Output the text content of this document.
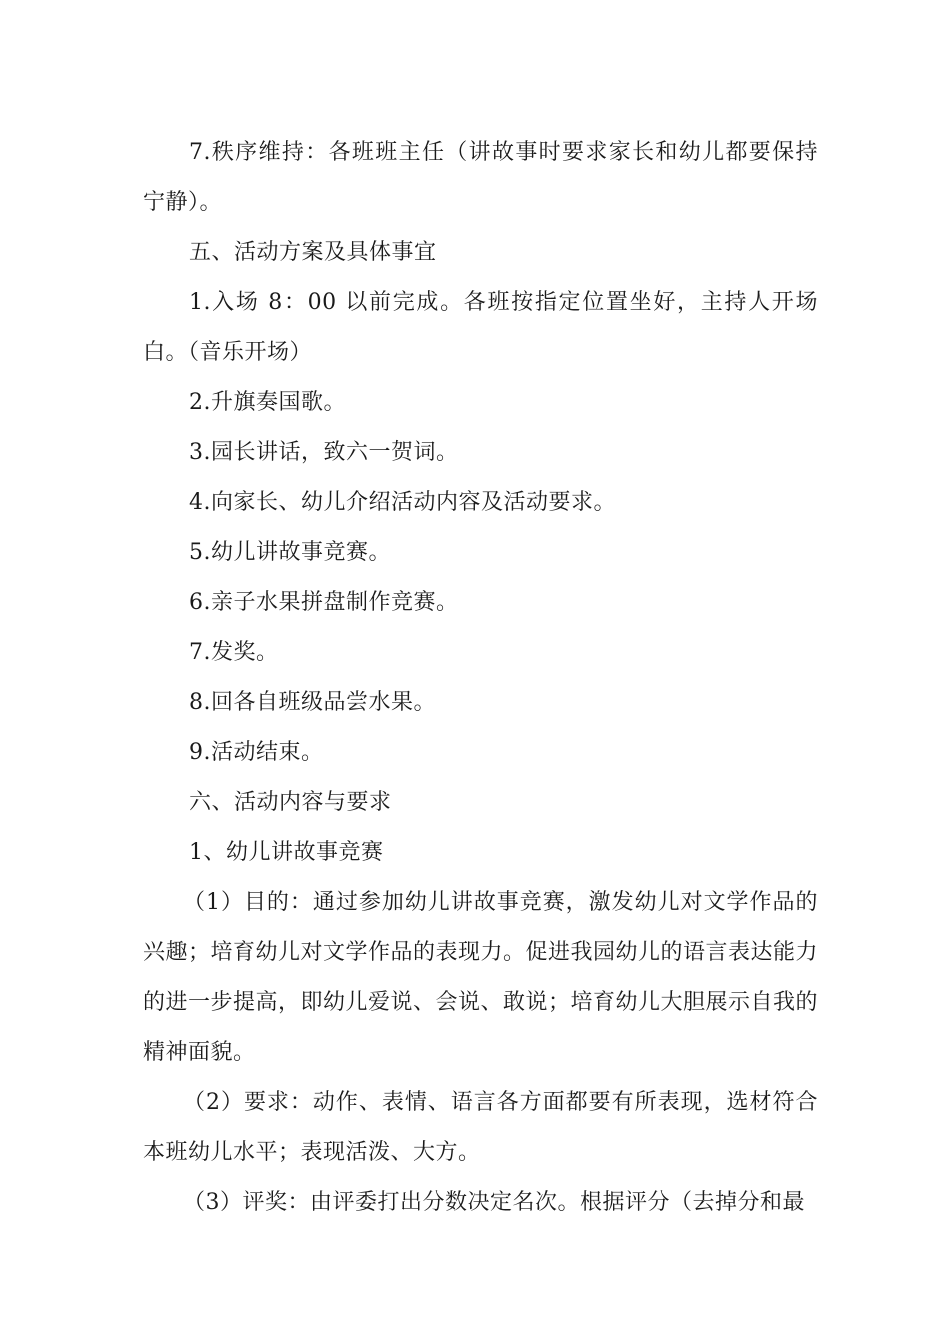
7.秩序维持：各班班主任（讲故事时要求家长和幼儿都要保持宁静）。

五、活动方案及具体事宜

1.入场 8：00 以前完成。各班按指定位置坐好，主持人开场白。（音乐开场）

2.升旗奏国歌。

3.园长讲话，致六一贺词。

4.向家长、幼儿介绍活动内容及活动要求。

5.幼儿讲故事竞赛。

6.亲子水果拼盘制作竞赛。

7.发奖。

8.回各自班级品尝水果。

9.活动结束。

六、活动内容与要求

1、幼儿讲故事竞赛

（1）目的：通过参加幼儿讲故事竞赛，激发幼儿对文学作品的兴趣；培育幼儿对文学作品的表现力。促进我园幼儿的语言表达能力的进一步提高，即幼儿爱说、会说、敢说；培育幼儿大胆展示自我的精神面貌。

（2）要求：动作、表情、语言各方面都要有所表现，选材符合本班幼儿水平；表现活泼、大方。

（3）评奖：由评委打出分数决定名次。根据评分（去掉分和最
